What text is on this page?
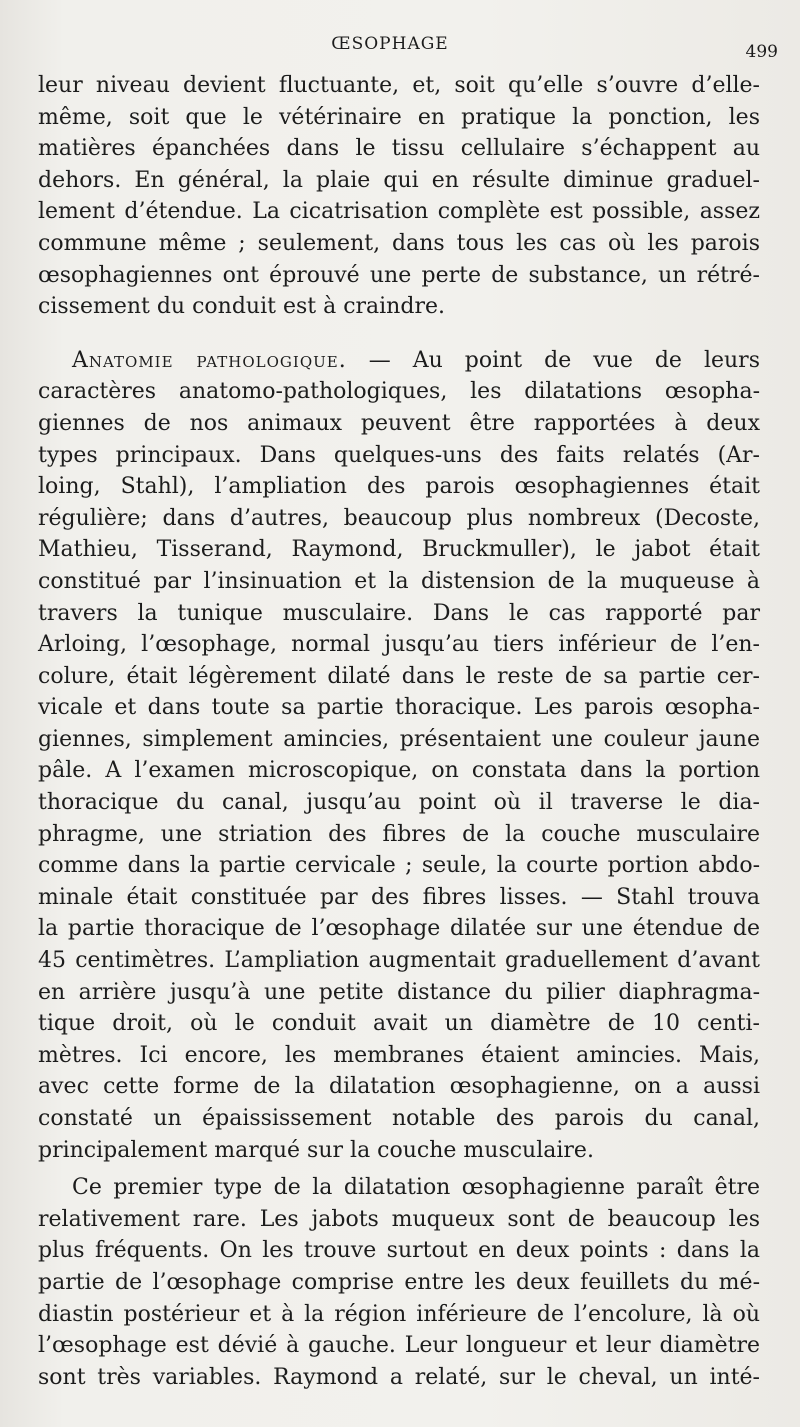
ŒSOPHAGE	499
leur niveau devient fluctuante, et, soit qu’elle s’ouvre d’elle-
même, soit que le vétérinaire en pratique la ponction, les
matières épanchées dans le tissu cellulaire s’échappent au
dehors. En général, la plaie qui en résulte diminue graduel-
lement d’étendue. La cicatrisation complète est possible, assez
commune même ; seulement, dans tous les cas où les parois
œsophagiennes ont éprouvé une perte de substance, un rétré-
cissement du conduit est à craindre.
Anatomie pathologique. — Au point de vue de leurs
caractères anatomo-pathologiques, les dilatations œsopha-
giennes de nos animaux peuvent être rapportées à deux
types principaux. Dans quelques-uns des faits relatés (Ar-
loing, Stahl), l’ampliation des parois œsophagiennes était
régulière; dans d’autres, beaucoup plus nombreux (Decoste,
Mathieu, Tisserand, Raymond, Bruckmuller), le jabot était
constitué par l’insinuation et la distension de la muqueuse à
travers la tunique musculaire. Dans le cas rapporté par
Arloing, l’œsophage, normal jusqu’au tiers inférieur de l’en-
colure, était légèrement dilaté dans le reste de sa partie cer-
vicale et dans toute sa partie thoracique. Les parois œsopha-
giennes, simplement amincies, présentaient une couleur jaune
pâle. A l’examen microscopique, on constata dans la portion
thoracique du canal, jusqu’au point où il traverse le dia-
phragme, une striation des fibres de la couche musculaire
comme dans la partie cervicale ; seule, la courte portion abdo-
minale était constituée par des fibres lisses. — Stahl trouva
la partie thoracique de l’œsophage dilatée sur une étendue de
45 centimètres. L’ampliation augmentait graduellement d’avant
en arrière jusqu’à une petite distance du pilier diaphragma-
tique droit, où le conduit avait un diamètre de 10 centi-
mètres. Ici encore, les membranes étaient amincies. Mais,
avec cette forme de la dilatation œsophagienne, on a aussi
constaté un épaississement notable des parois du canal,
principalement marqué sur la couche musculaire.
Ce premier type de la dilatation œsophagienne paraît être
relativement rare. Les jabots muqueux sont de beaucoup les
plus fréquents. On les trouve surtout en deux points : dans la
partie de l’œsophage comprise entre les deux feuillets du mé-
diastin postérieur et à la région inférieure de l’encolure, là où
l’œsophage est dévié à gauche. Leur longueur et leur diamètre
sont très variables. Raymond a relaté, sur le cheval, un inté-
